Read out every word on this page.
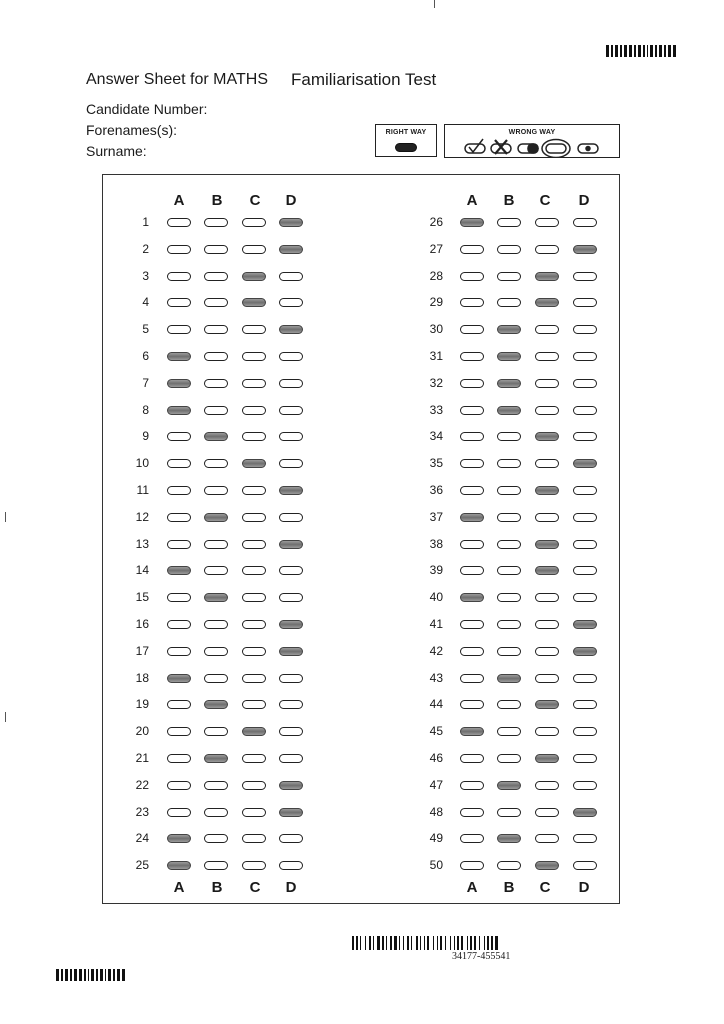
Answer Sheet for MATHS Familiarisation Test
Candidate Number:
Forenames(s):
Surname:
RIGHT WAY	WRONG WAY
A
A
B
B
C
C
D
D
A
A
B
B
C
C
D
D
1
2
3
4
5
6
7
8
9
10
11
12
13
14
15
16
17
18
19
20
21
22
23
24
25
26
27
28
29
30
31
32
33
34
35
36
37
38
39
40
41
42
43
44
45
46
47
48
49
50
34177-455541
